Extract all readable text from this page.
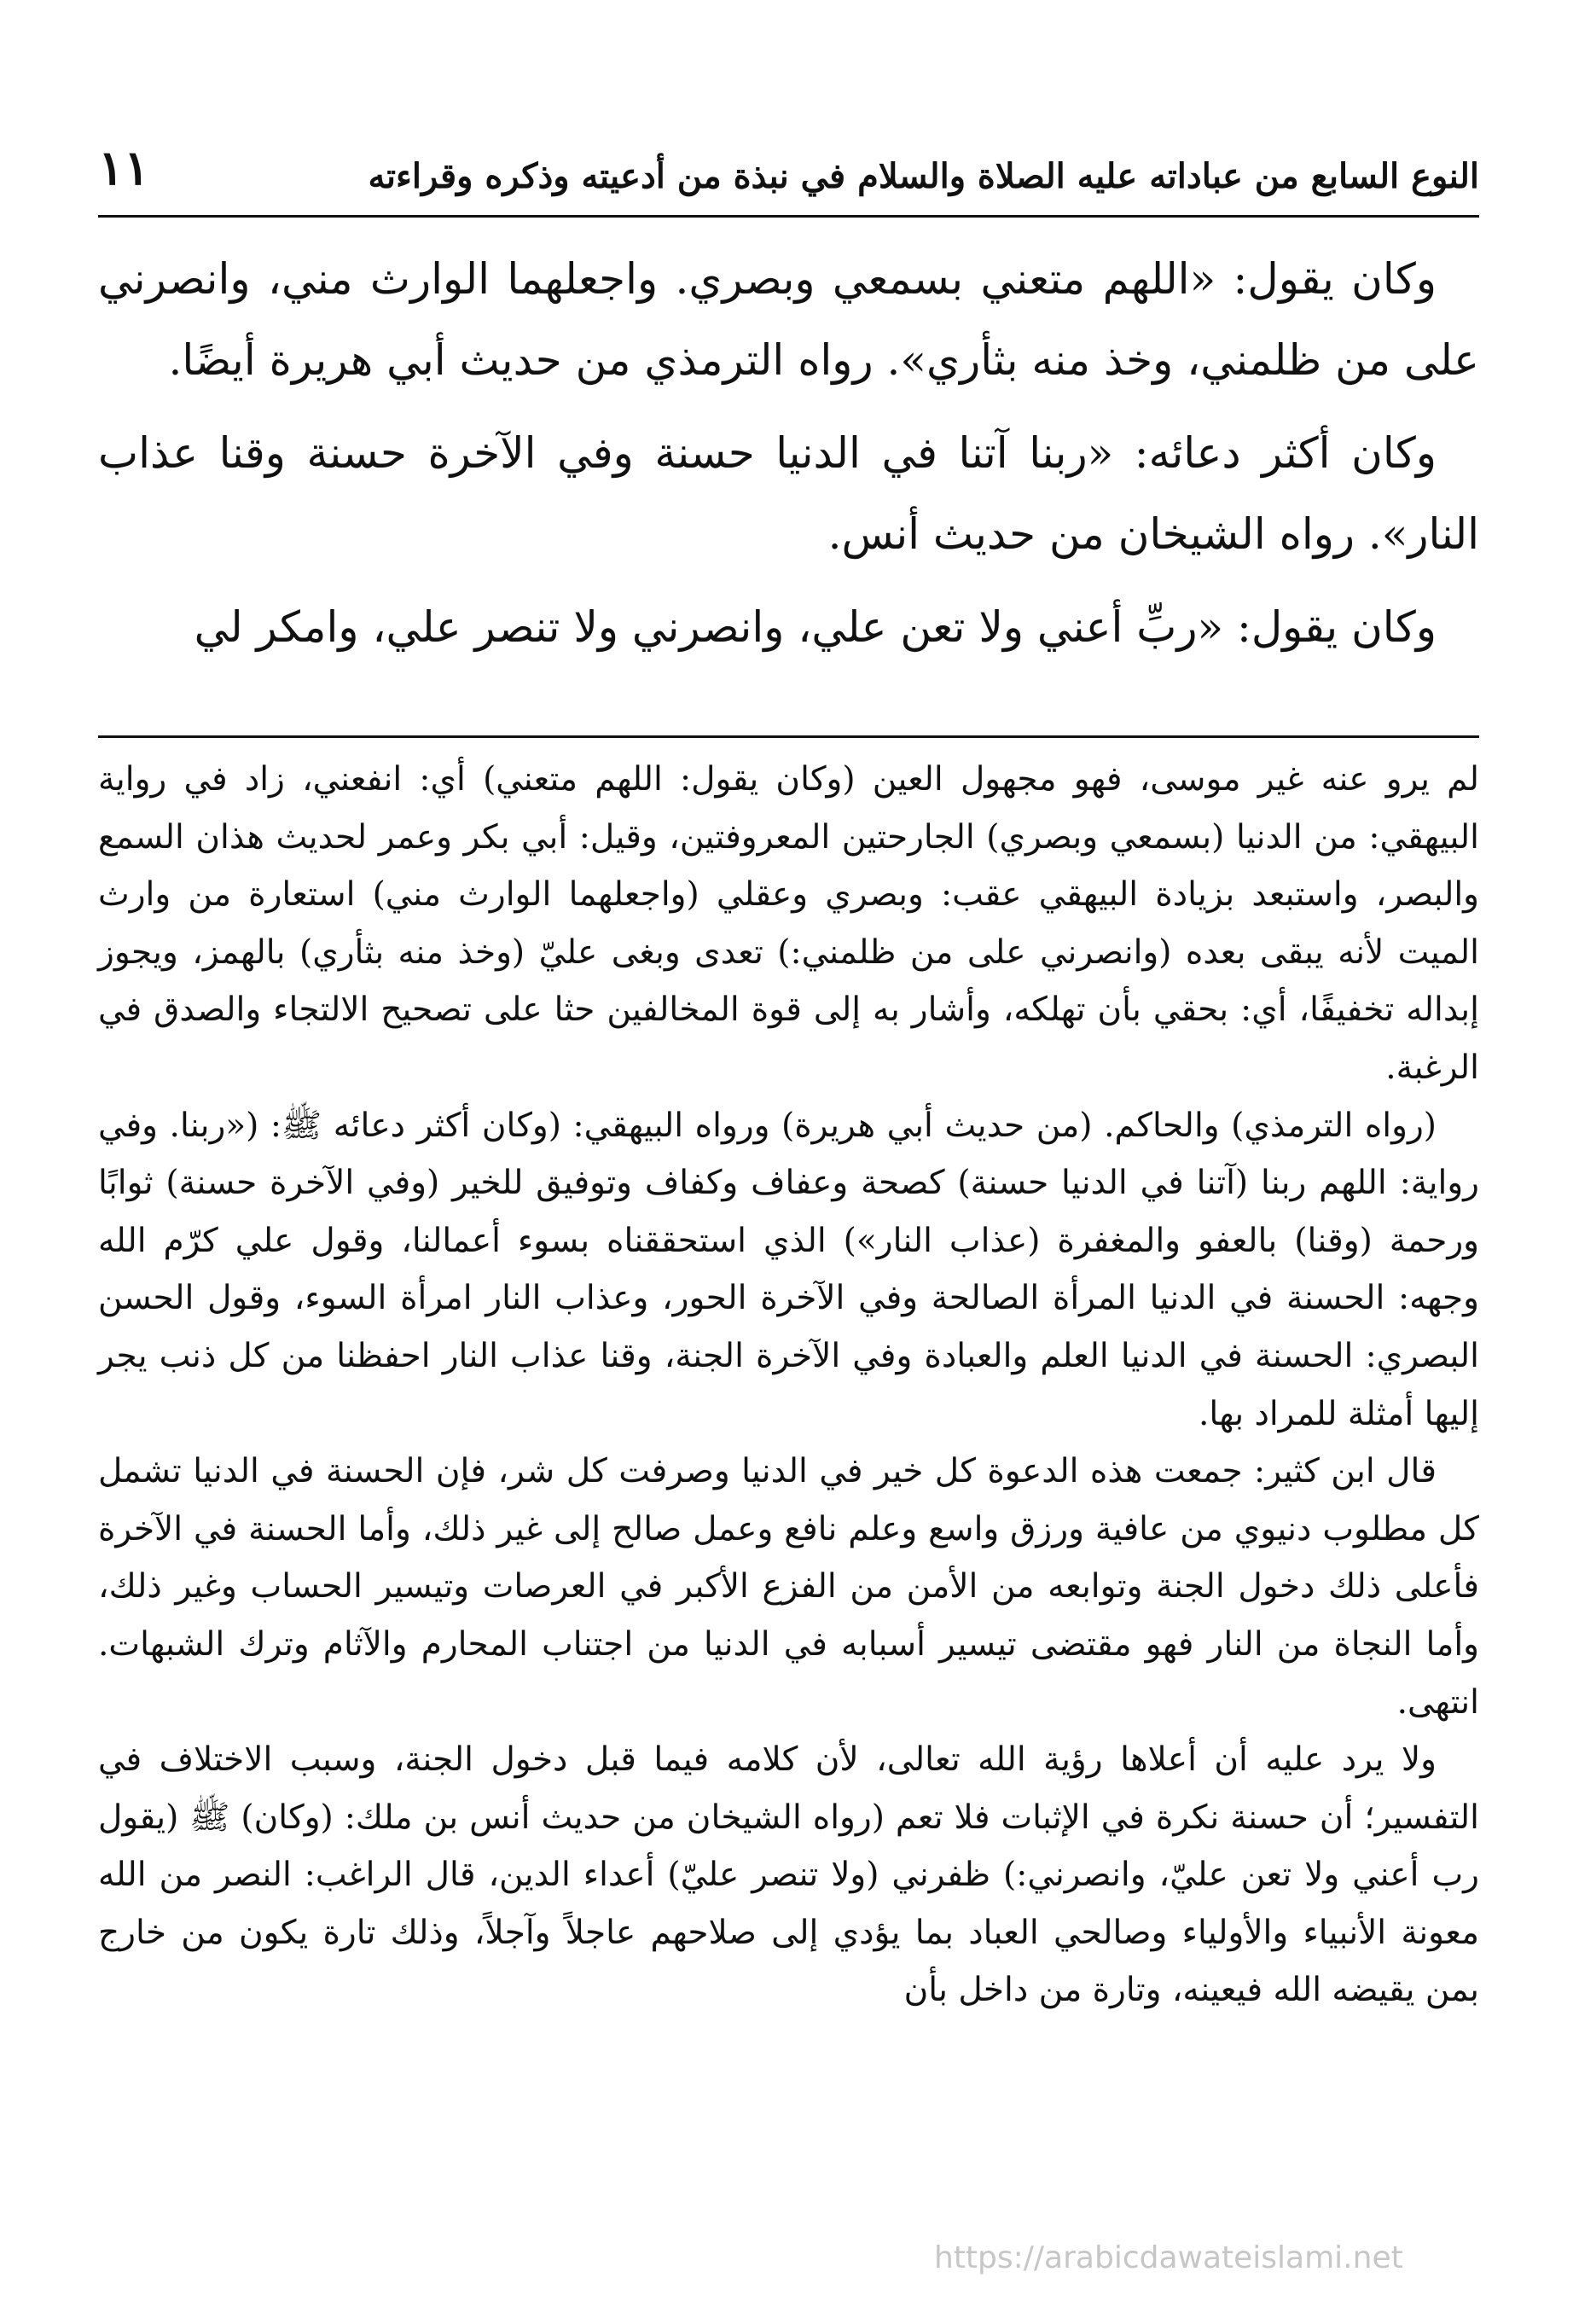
النوع السابع من عباداته عليه الصلاة والسلام في نبذة من أدعيته وذكره وقراءته
١١

وكان يقول: «اللهم متعني بسمعي وبصري. واجعلهما الوارث مني، وانصرني على من ظلمني، وخذ منه بثأري». رواه الترمذي من حديث أبي هريرة أيضًا.

وكان أكثر دعائه: «ربنا آتنا في الدنيا حسنة وفي الآخرة حسنة وقنا عذاب النار». رواه الشيخان من حديث أنس.

وكان يقول: «ربِّ أعني ولا تعن علي، وانصرني ولا تنصر علي، وامكر لي

لم يرو عنه غير موسى، فهو مجهول العين (وكان يقول: اللهم متعني) أي: انفعني، زاد في رواية البيهقي: من الدنيا (بسمعي وبصري) الجارحتين المعروفتين، وقيل: أبي بكر وعمر لحديث هذان السمع والبصر، واستبعد بزيادة البيهقي عقب: وبصري وعقلي (واجعلهما الوارث مني) استعارة من وارث الميت لأنه يبقى بعده (وانصرني على من ظلمني:) تعدى وبغى عليّ (وخذ منه بثأري) بالهمز، ويجوز إبداله تخفيفًا، أي: بحقي بأن تهلكه، وأشار به إلى قوة المخالفين حثا على تصحيح الالتجاء والصدق في الرغبة.

(رواه الترمذي) والحاكم. (من حديث أبي هريرة) ورواه البيهقي: (وكان أكثر دعائه ﷺ: («ربنا. وفي رواية: اللهم ربنا (آتنا في الدنيا حسنة) كصحة وعفاف وكفاف وتوفيق للخير (وفي الآخرة حسنة) ثوابًا ورحمة (وقنا) بالعفو والمغفرة (عذاب النار») الذي استحققناه بسوء أعمالنا، وقول علي كرّم الله وجهه: الحسنة في الدنيا المرأة الصالحة وفي الآخرة الحور، وعذاب النار امرأة السوء، وقول الحسن البصري: الحسنة في الدنيا العلم والعبادة وفي الآخرة الجنة، وقنا عذاب النار احفظنا من كل ذنب يجر إليها أمثلة للمراد بها.

قال ابن كثير: جمعت هذه الدعوة كل خير في الدنيا وصرفت كل شر، فإن الحسنة في الدنيا تشمل كل مطلوب دنيوي من عافية ورزق واسع وعلم نافع وعمل صالح إلى غير ذلك، وأما الحسنة في الآخرة فأعلى ذلك دخول الجنة وتوابعه من الأمن من الفزع الأكبر في العرصات وتيسير الحساب وغير ذلك، وأما النجاة من النار فهو مقتضى تيسير أسبابه في الدنيا من اجتناب المحارم والآثام وترك الشبهات. انتهى.

ولا يرد عليه أن أعلاها رؤية الله تعالى، لأن كلامه فيما قبل دخول الجنة، وسبب الاختلاف في التفسير؛ أن حسنة نكرة في الإثبات فلا تعم (رواه الشيخان من حديث أنس بن ملك: (وكان) ﷺ (يقول رب أعني ولا تعن عليّ، وانصرني:) ظفرني (ولا تنصر عليّ) أعداء الدين، قال الراغب: النصر من الله معونة الأنبياء والأولياء وصالحي العباد بما يؤدي إلى صلاحهم عاجلاً وآجلاً، وذلك تارة يكون من خارج بمن يقيضه الله فيعينه، وتارة من داخل بأن

https://arabicdawateislami.net
